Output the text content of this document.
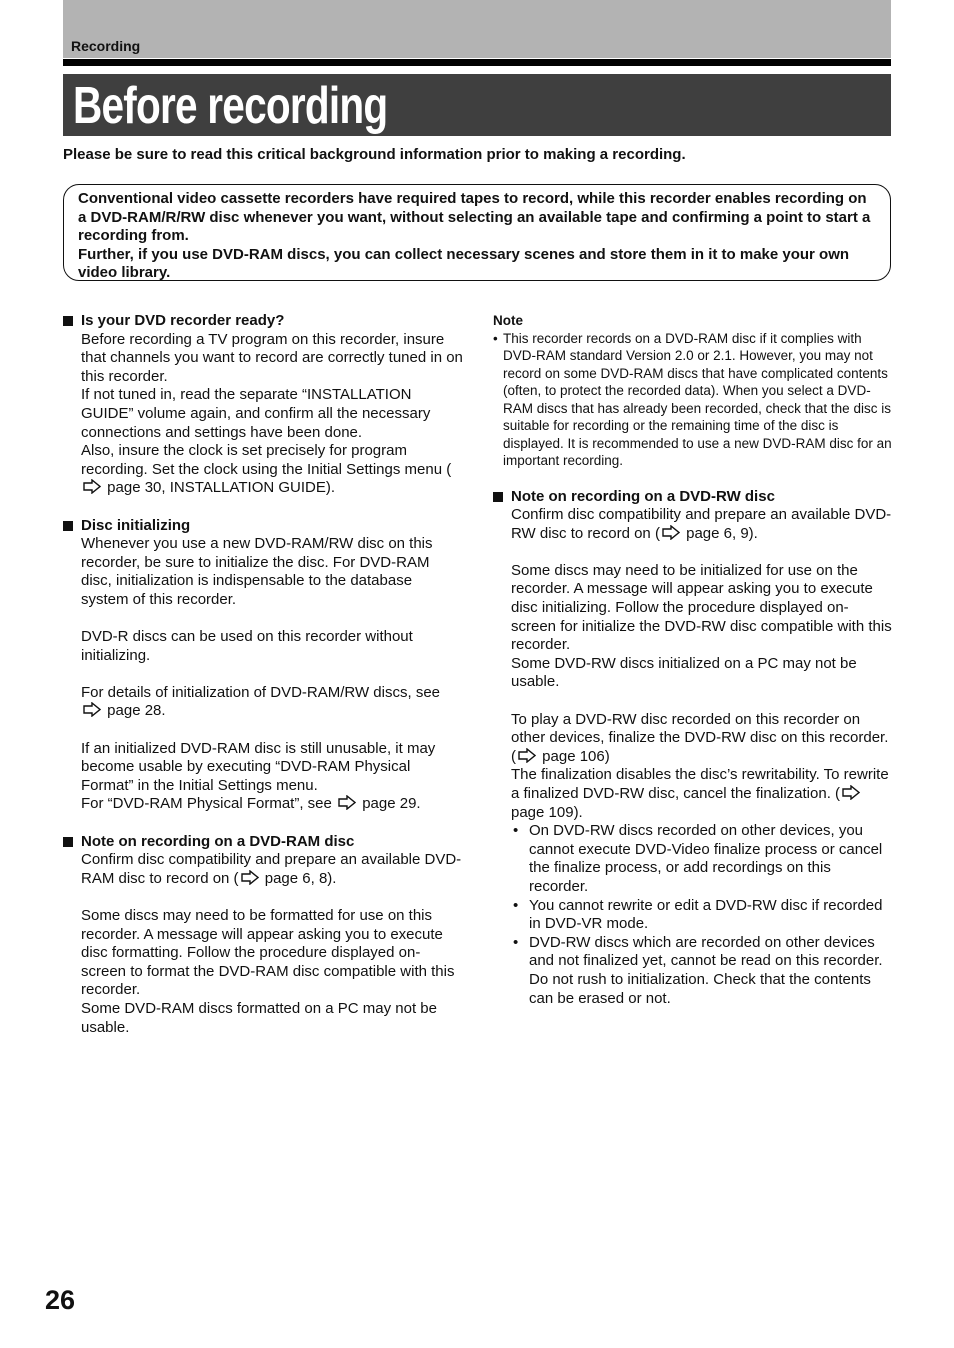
Recording
Before recording
Please be sure to read this critical background information prior to making a recording.
Conventional video cassette recorders have required tapes to record, while this recorder enables recording on a DVD-RAM/R/RW disc whenever you want, without selecting an available tape and confirming a point to start a recording from.
Further, if you use DVD-RAM discs, you can collect necessary scenes and store them in it to make your own video library.
Is your DVD recorder ready?
Before recording a TV program on this recorder, insure that channels you want to record are correctly tuned in on this recorder.
If not tuned in, read the separate “INSTALLATION GUIDE” volume again, and confirm all the necessary connections and settings have been done.
Also, insure the clock is set precisely for program recording. Set the clock using the Initial Settings menu ( page 30, INSTALLATION GUIDE).
Disc initializing
Whenever you use a new DVD-RAM/RW disc on this recorder, be sure to initialize the disc. For DVD-RAM disc, initialization is indispensable to the database system of this recorder.
DVD-R discs can be used on this recorder without initializing.
For details of initialization of DVD-RAM/RW discs, see
page 28.
If an initialized DVD-RAM disc is still unusable, it may become usable by executing “DVD-RAM Physical Format” in the Initial Settings menu.
For “DVD-RAM Physical Format”, see  page 29.
Note on recording on a DVD-RAM disc
Confirm disc compatibility and prepare an available DVD-RAM disc to record on ( page 6, 8).
Some discs may need to be formatted for use on this recorder. A message will appear asking you to execute disc formatting. Follow the procedure displayed on-screen to format the DVD-RAM disc compatible with this recorder.
Some DVD-RAM discs formatted on a PC may not be usable.
Note
• This recorder records on a DVD-RAM disc if it complies with DVD-RAM standard Version 2.0 or 2.1. However, you may not record on some DVD-RAM discs that have complicated contents (often, to protect the recorded data). When you select a DVD-RAM discs that has already been recorded, check that the disc is suitable for recording or the remaining time of the disc is displayed. It is recommended to use a new DVD-RAM disc for an important recording.
Note on recording on a DVD-RW disc
Confirm disc compatibility and prepare an available DVD-RW disc to record on ( page 6, 9).
Some discs may need to be initialized for use on the recorder. A message will appear asking you to execute disc initializing. Follow the procedure displayed on-screen for initialize the DVD-RW disc compatible with this recorder.
Some DVD-RW discs initialized on a PC may not be usable.
To play a DVD-RW disc recorded on this recorder on other devices, finalize the DVD-RW disc on this recorder. ( page 106)
The finalization disables the disc’s rewritability. To rewrite a finalized DVD-RW disc, cancel the finalization. ( page 109).
• On DVD-RW discs recorded on other devices, you cannot execute DVD-Video finalize process or cancel the finalize process, or add recordings on this recorder.
• You cannot rewrite or edit a DVD-RW disc if recorded in DVD-VR mode.
• DVD-RW discs which are recorded on other devices and not finalized yet, cannot be read on this recorder. Do not rush to initialization. Check that the contents can be erased or not.
26
